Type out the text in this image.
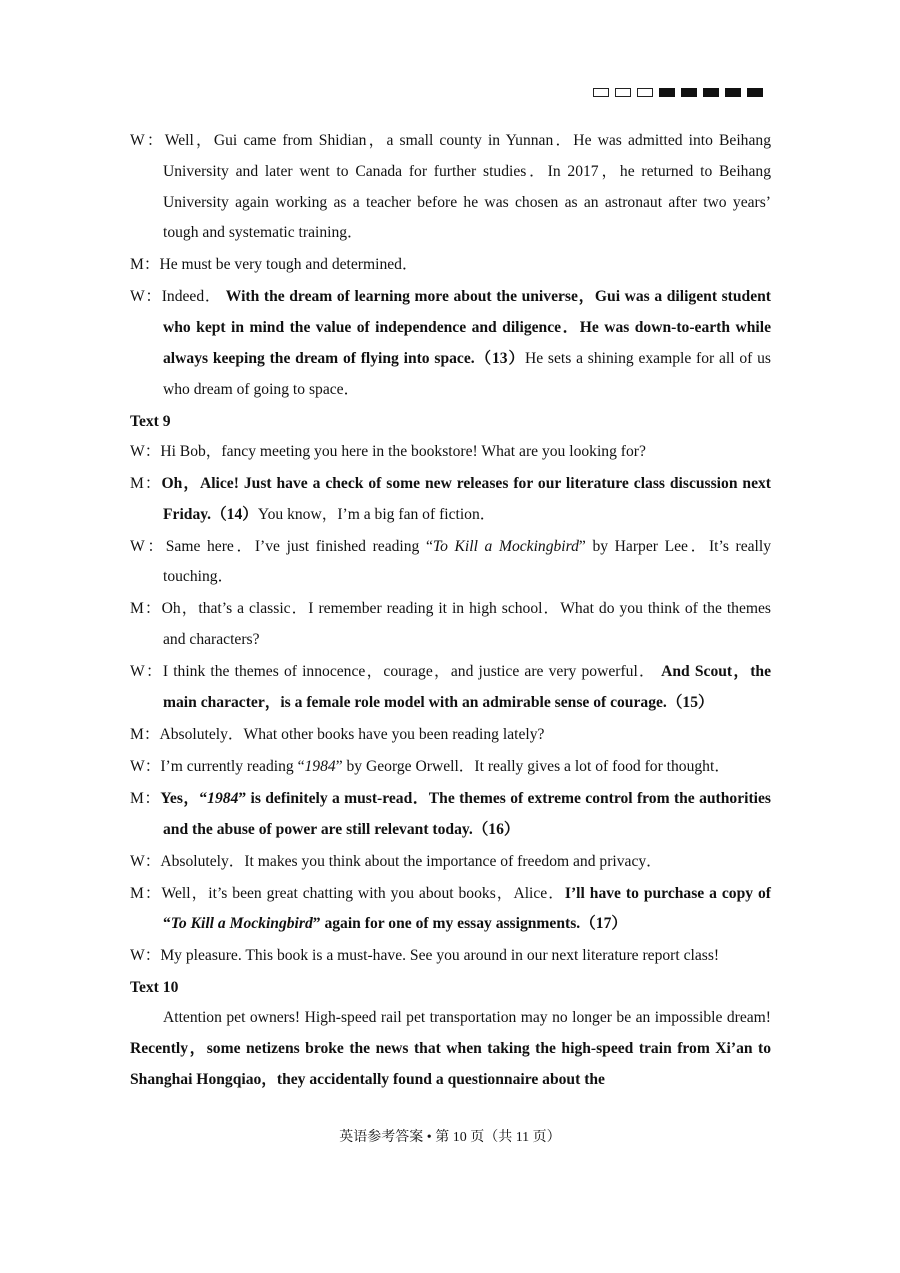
W：Well，Gui came from Shidian，a small county in Yunnan．He was admitted into Beihang University and later went to Canada for further studies．In 2017，he returned to Beihang University again working as a teacher before he was chosen as an astronaut after two years’ tough and systematic training．
M：He must be very tough and determined．
W：Indeed． With the dream of learning more about the universe，Gui was a diligent student who kept in mind the value of independence and diligence．He was down-to-earth while always keeping the dream of flying into space.（13）He sets a shining example for all of us who dream of going to space．
Text 9
W：Hi Bob，fancy meeting you here in the bookstore! What are you looking for?
M：Oh，Alice! Just have a check of some new releases for our literature class discussion next Friday.（14）You know，I’m a big fan of fiction．
W：Same here．I’ve just finished reading “To Kill a Mockingbird” by Harper Lee．It’s really touching．
M：Oh，that’s a classic．I remember reading it in high school．What do you think of the themes and characters?
W：I think the themes of innocence，courage，and justice are very powerful． And Scout，the main character，is a female role model with an admirable sense of courage.（15）
M：Absolutely．What other books have you been reading lately?
W：I’m currently reading “1984” by George Orwell．It really gives a lot of food for thought．
M：Yes，“1984” is definitely a must-read．The themes of extreme control from the authorities and the abuse of power are still relevant today.（16）
W：Absolutely．It makes you think about the importance of freedom and privacy．
M：Well，it’s been great chatting with you about books，Alice．I’ll have to purchase a copy of “To Kill a Mockingbird” again for one of my essay assignments.（17）
W：My pleasure. This book is a must-have. See you around in our next literature report class!
Text 10
Attention pet owners! High-speed rail pet transportation may no longer be an impossible dream! Recently，some netizens broke the news that when taking the high-speed train from Xi’an to Shanghai Hongqiao，they accidentally found a questionnaire about the
英语参考答案 • 第 10 页（共 11 页）
